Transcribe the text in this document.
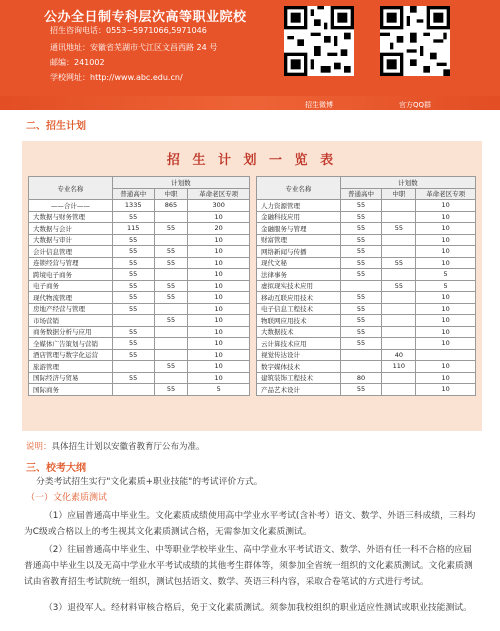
公办全日制专科层次高等职业院校
招生咨询电话：0553−5971066,5971046
通讯地址：安徽省芜湖市弋江区文昌西路 24 号
邮编：241002
学校网址：http://www.abc.edu.cn/
招生微博	官方QQ群
二、招生计划
招 生 计 划 一 览 表
专业名称	计划数		
	普通高中	中职	革命老区专项
——合计——	1335	865	300
大数据与财务管理	55		10
大数据与会计	115	55	20
大数据与审计	55		10
会计信息管理	55	55	10
连锁经营与管理	55	55	10
跨境电子商务	55		10
电子商务	55	55	10
现代物流管理	55	55	10
房地产经营与管理	55		10
市场营销		55	10
商务数据分析与应用	55		10
全媒体广告策划与营销	55		10
酒店管理与数字化运营	55		10
旅游管理		55	10
国际经济与贸易	55		10
国际商务		55	5
专业名称	计划数		
	普通高中	中职	革命老区专项
人力资源管理	55		10
金融科技应用	55		10
金融服务与管理	55	55	10
财富管理	55		10
网络新闻与传播	55		10
现代文秘	55	55	10
法律事务	55		5
虚拟现实技术应用		55	5
移动互联应用技术	55		10
电子信息工程技术	55		10
物联网应用技术	55		10
大数据技术	55		10
云计算技术应用	55		10
视觉传达设计		40	
数字媒体技术		110	10
建筑装饰工程技术	80		10
产品艺术设计	55		10
说明：具体招生计划以安徽省教育厅公布为准。
三、校考大纲
分类考试招生实行"文化素质+职业技能"的考试评价方式。
（一）文化素质测试
（1）应届普通高中毕业生。文化素质成绩使用高中学业水平考试(含补考）语文、数学、外语三科成绩，三科均为C级或合格以上的考生视其文化素质测试合格，无需参加文化素质测试。
（2）往届普通高中毕业生、中等职业学校毕业生、高中学业水平考试语文、数学、外语有任一科不合格的应届普通高中毕业生以及无高中学业水平考试成绩的其他考生群体等，须参加全省统一组织的文化素质测试。文化素质测试由省教育招生考试院统一组织，测试包括语文、数学、英语三科内容，采取合卷笔试的方式进行考试。
（3）退役军人。经材料审核合格后，免于文化素质测试。须参加我校组织的职业适应性测试或职业技能测试。
